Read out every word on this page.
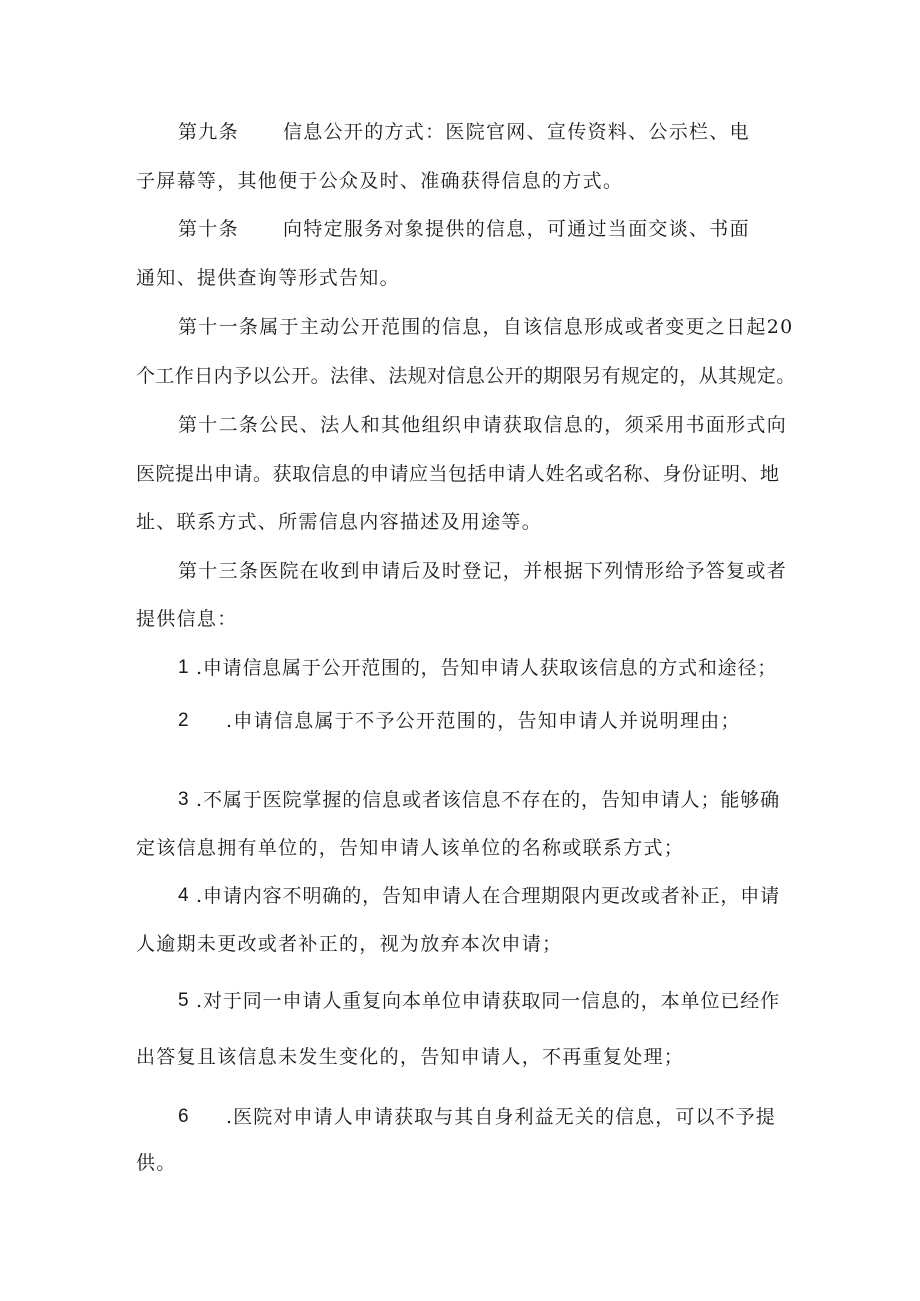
第九条 信息公开的方式：医院官网、宣传资料、公示栏、电
子屏幕等，其他便于公众及时、准确获得信息的方式。
第十条 向特定服务对象提供的信息，可通过当面交谈、书面
通知、提供查询等形式告知。
第十一条属于主动公开范围的信息，自该信息形成或者变更之日起20
个工作日内予以公开。法律、法规对信息公开的期限另有规定的，从其规定。
第十二条公民、法人和其他组织申请获取信息的，须采用书面形式向
医院提出申请。获取信息的申请应当包括申请人姓名或名称、身份证明、地
址、联系方式、所需信息内容描述及用途等。
第十三条医院在收到申请后及时登记，并根据下列情形给予答复或者
提供信息：
1 .申请信息属于公开范围的，告知申请人获取该信息的方式和途径；
2 .申请信息属于不予公开范围的，告知申请人并说明理由；
3 .不属于医院掌握的信息或者该信息不存在的，告知申请人；能够确
定该信息拥有单位的，告知申请人该单位的名称或联系方式；
4 .申请内容不明确的，告知申请人在合理期限内更改或者补正，申请
人逾期未更改或者补正的，视为放弃本次申请；
5 .对于同一申请人重复向本单位申请获取同一信息的，本单位已经作
出答复且该信息未发生变化的，告知申请人，不再重复处理；
6 .医院对申请人申请获取与其自身利益无关的信息，可以不予提
供。
